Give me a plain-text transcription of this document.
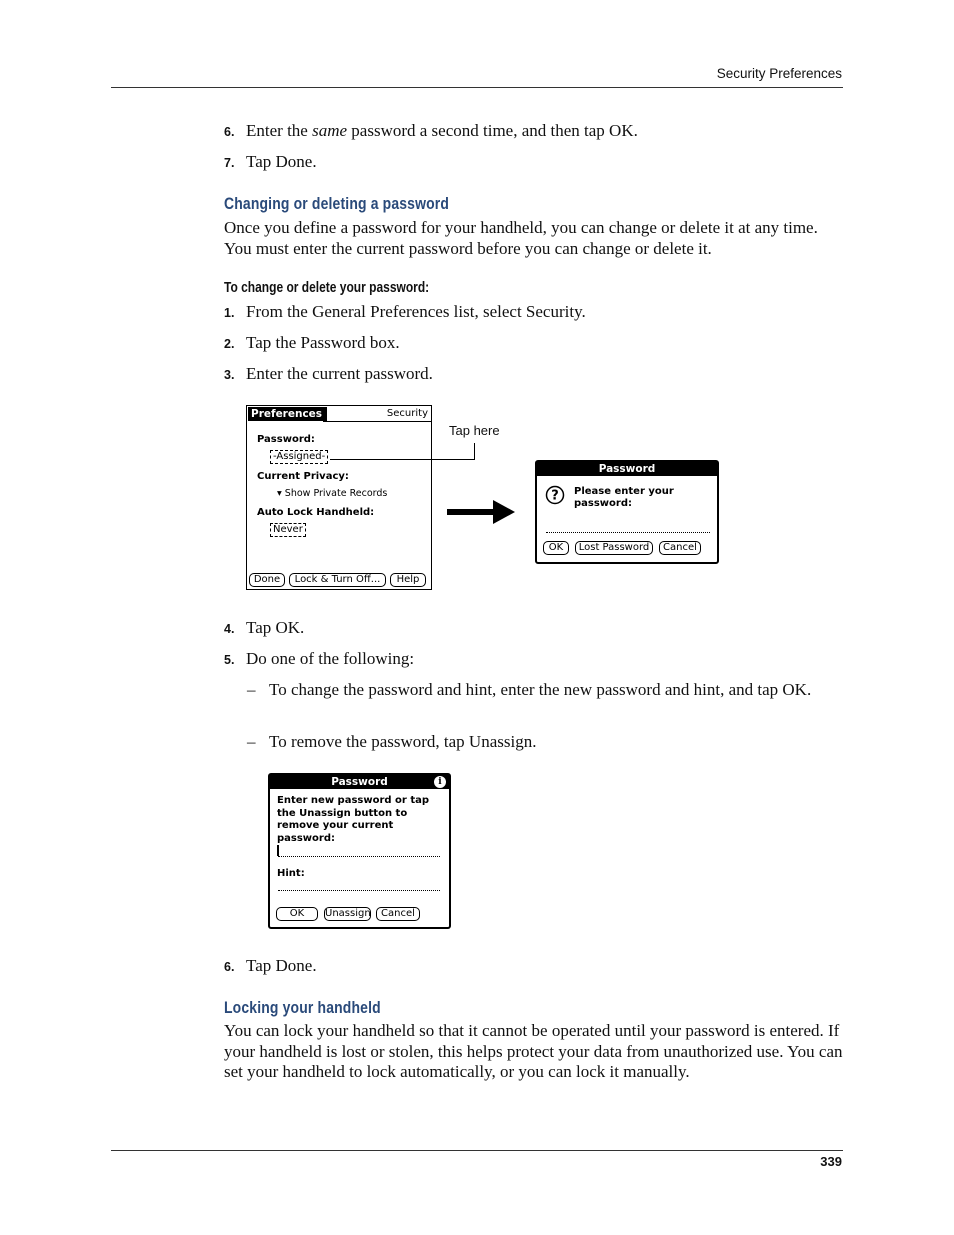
Security Preferences
6. Enter the same password a second time, and then tap OK.
7. Tap Done.
Changing or deleting a password
Once you define a password for your handheld, you can change or delete it at any time. You must enter the current password before you can change or delete it.
To change or delete your password:
1. From the General Preferences list, select Security.
2. Tap the Password box.
3. Enter the current password.
Preferences	Security
Password:
-Assigned-
Current Privacy:
▾ Show Private Records
Auto Lock Handheld:
Never
Done	Lock & Turn Off...	Help
Tap here
Password
? Please enter your password:
OK	Lost Password	Cancel
4. Tap OK.
5. Do one of the following:
– To change the password and hint, enter the new password and hint, and tap OK.
– To remove the password, tap Unassign.
Password	i
Enter new password or tap the Unassign button to remove your current password:
Hint:
OK	Unassign	Cancel
6. Tap Done.
Locking your handheld
You can lock your handheld so that it cannot be operated until your password is entered. If your handheld is lost or stolen, this helps protect your data from unauthorized use. You can set your handheld to lock automatically, or you can lock it manually.
339
